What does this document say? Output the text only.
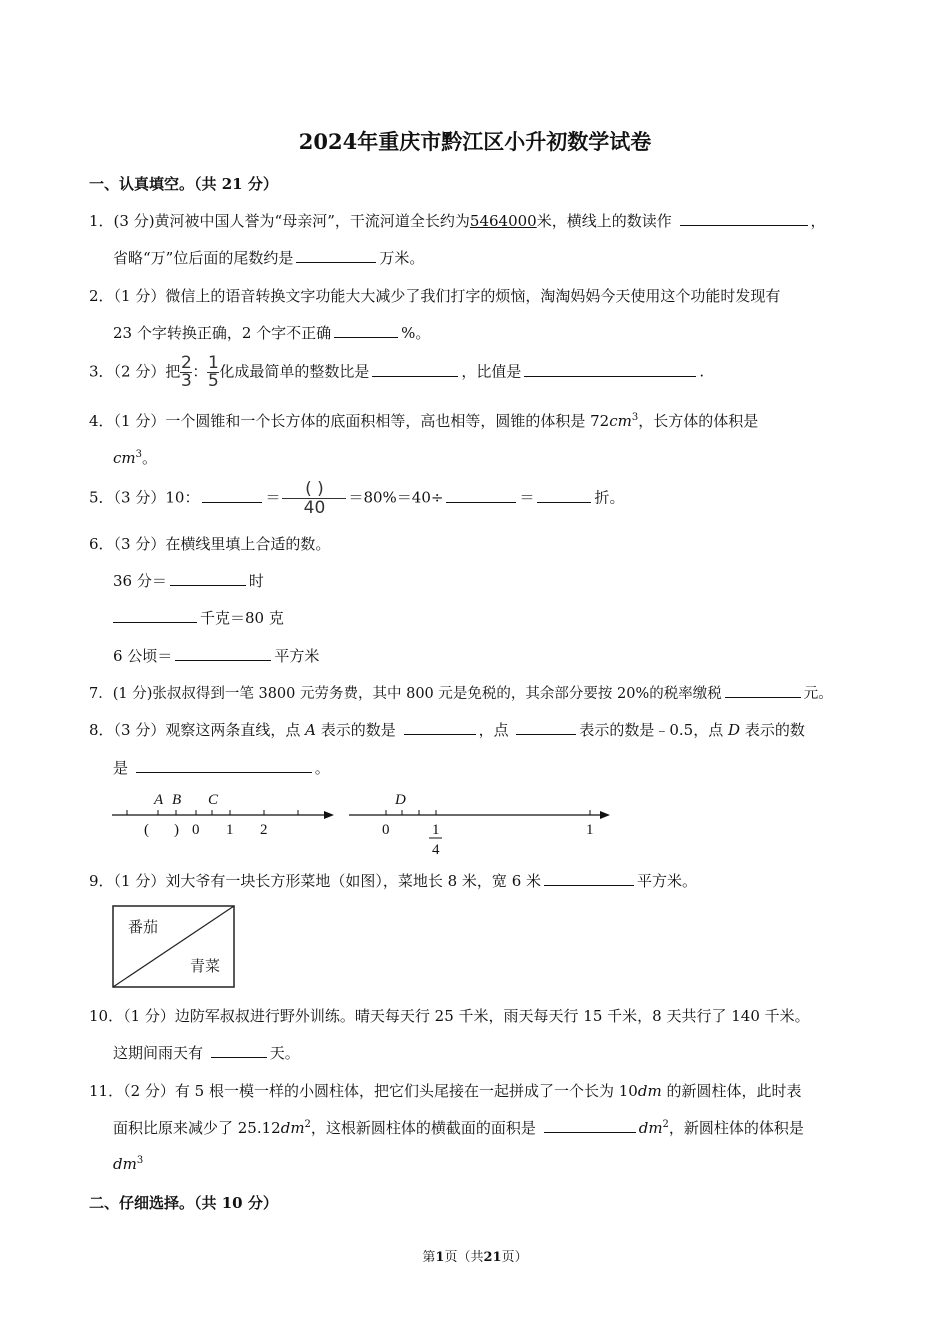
2024年重庆市黔江区小升初数学试卷
一、认真填空。（共 21 分）
1．(3 分)黄河被中国人誉为“母亲河”，干流河道全长约为5464000米，横线上的数读作	，
省略“万”位后面的尾数约是	万米。
2．（1 分）微信上的语音转换文字功能大大减少了我们打字的烦恼，淘淘妈妈今天使用这个功能时发现有
23 个字转换正确，2 个字不正确	%。
3．（2 分）把 $\frac{2}{3}$ ： $\frac{1}{5}$ 化成最简单的整数比是	，比值是	.
4．（1 分）一个圆锥和一个长方体的底面积相等，高也相等，圆锥的体积是 $72cm^3$，长方体的体积是
$cm^3$。
5．（3 分）10：	＝ ( )
40
＝80%＝40÷	＝	折。
6．（3 分）在横线里填上合适的数。
36 分＝	时
千克＝80 克
6 公顷＝	平方米
7．(1 分)张叔叔得到一笔 3800 元劳务费，其中 800 元是免税的，其余部分要按 20%的税率缴税	元。
8．（3 分）观察这两条直线，点 A 表示的数是	，点	表示的数是﹣0.5，点 D 表示的数
是	。
A B C
( ) 0 1 2
D
0	1
4
1
9．（1 分）刘大爷有一块长方形菜地（如图），菜地长 8 米，宽 6 米	平方米。
番茄
青菜
10．（1 分）边防军叔叔进行野外训练。晴天每天行 25 千米，雨天每天行 15 千米，8 天共行了 140 千米。
这期间雨天有	天。
11．（2 分）有 5 根一模一样的小圆柱体，把它们头尾接在一起拼成了一个长为 10dm 的新圆柱体，此时表
面积比原来减少了 $25.12dm^2$，这根新圆柱体的横截面的面积是	$dm^2$，新圆柱体的体积是
$dm^3$
二、仔细选择。（共 10 分）
第1页（共21页）
